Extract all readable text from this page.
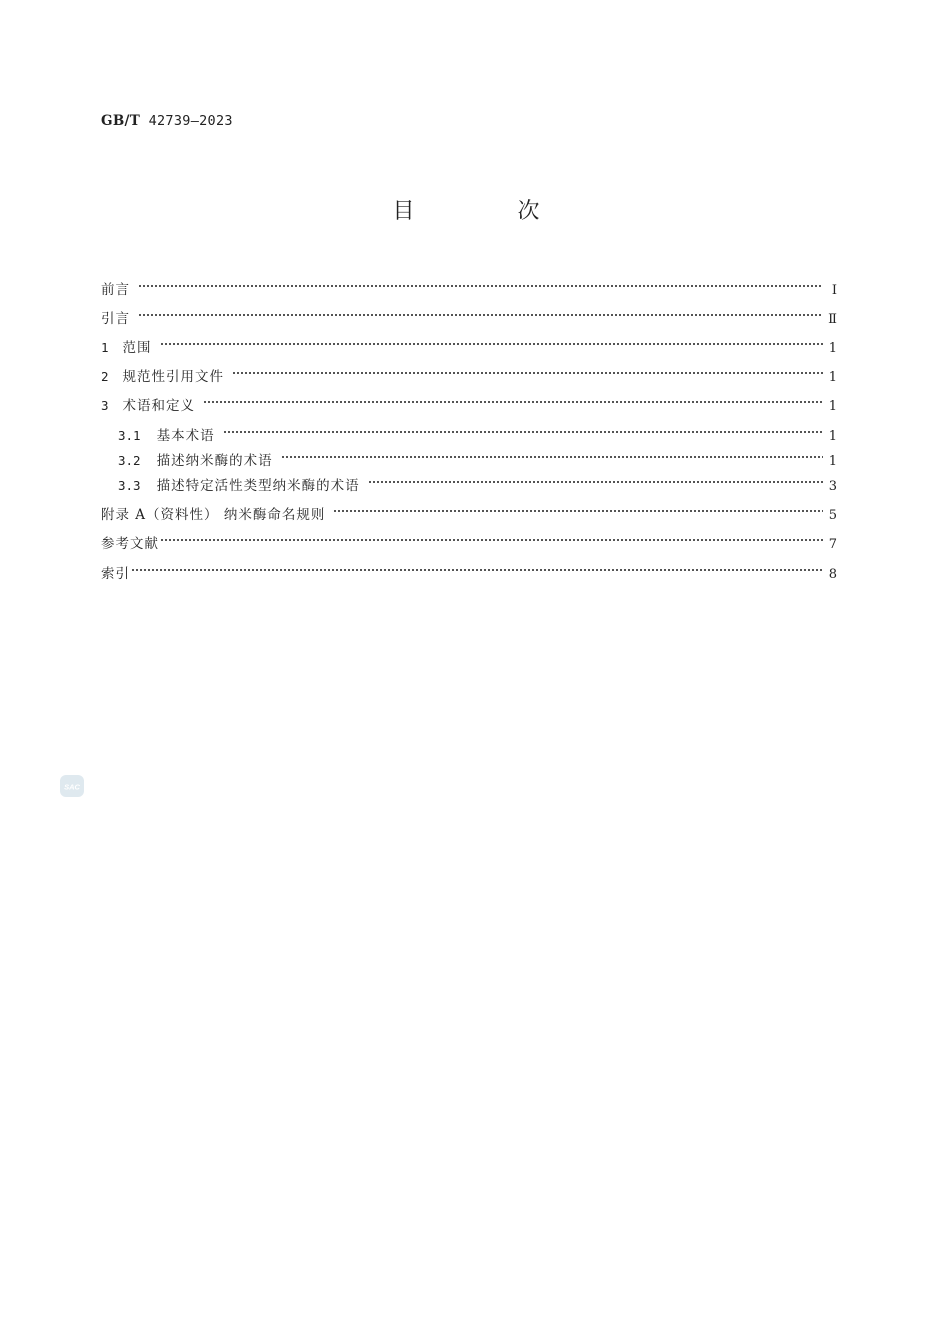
GB/T 42739—2023
目 次
前言	Ⅰ
引言	Ⅱ
1 范围	1
2 规范性引用文件	1
3 术语和定义	1
3.1 基本术语	1
3.2 描述纳米酶的术语	1
3.3 描述特定活性类型纳米酶的术语	3
附录 A（资料性） 纳米酶命名规则	5
参考文献	7
索引	8
SAC
